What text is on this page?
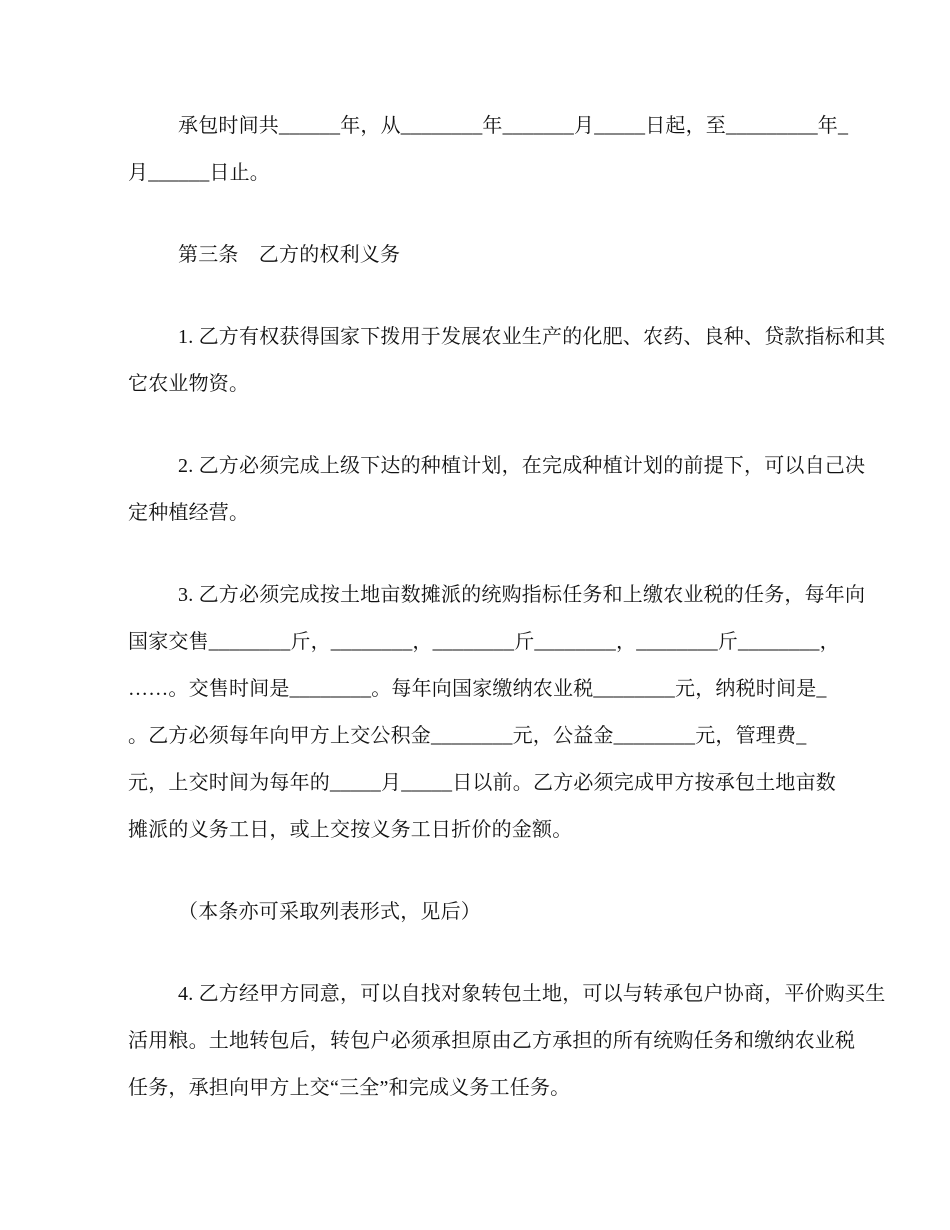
承包时间共______年，从________年_______月_____日起，至_________年_
月______日止。
第三条　乙方的权利义务
1. 乙方有权获得国家下拨用于发展农业生产的化肥、农药、良种、贷款指标和其
它农业物资。
2. 乙方必须完成上级下达的种植计划，在完成种植计划的前提下，可以自己决
定种植经营。
3. 乙方必须完成按土地亩数摊派的统购指标任务和上缴农业税的任务，每年向
国家交售________斤，________，________斤________，________斤________，
……。交售时间是________。每年向国家缴纳农业税________元，纳税时间是_
。乙方必须每年向甲方上交公积金________元，公益金________元，管理费_
元，上交时间为每年的_____月_____日以前。乙方必须完成甲方按承包土地亩数
摊派的义务工日，或上交按义务工日折价的金额。
（本条亦可采取列表形式，见后）
4. 乙方经甲方同意，可以自找对象转包土地，可以与转承包户协商，平价购买生
活用粮。土地转包后，转包户必须承担原由乙方承担的所有统购任务和缴纳农业税
任务，承担向甲方上交“三全”和完成义务工任务。
